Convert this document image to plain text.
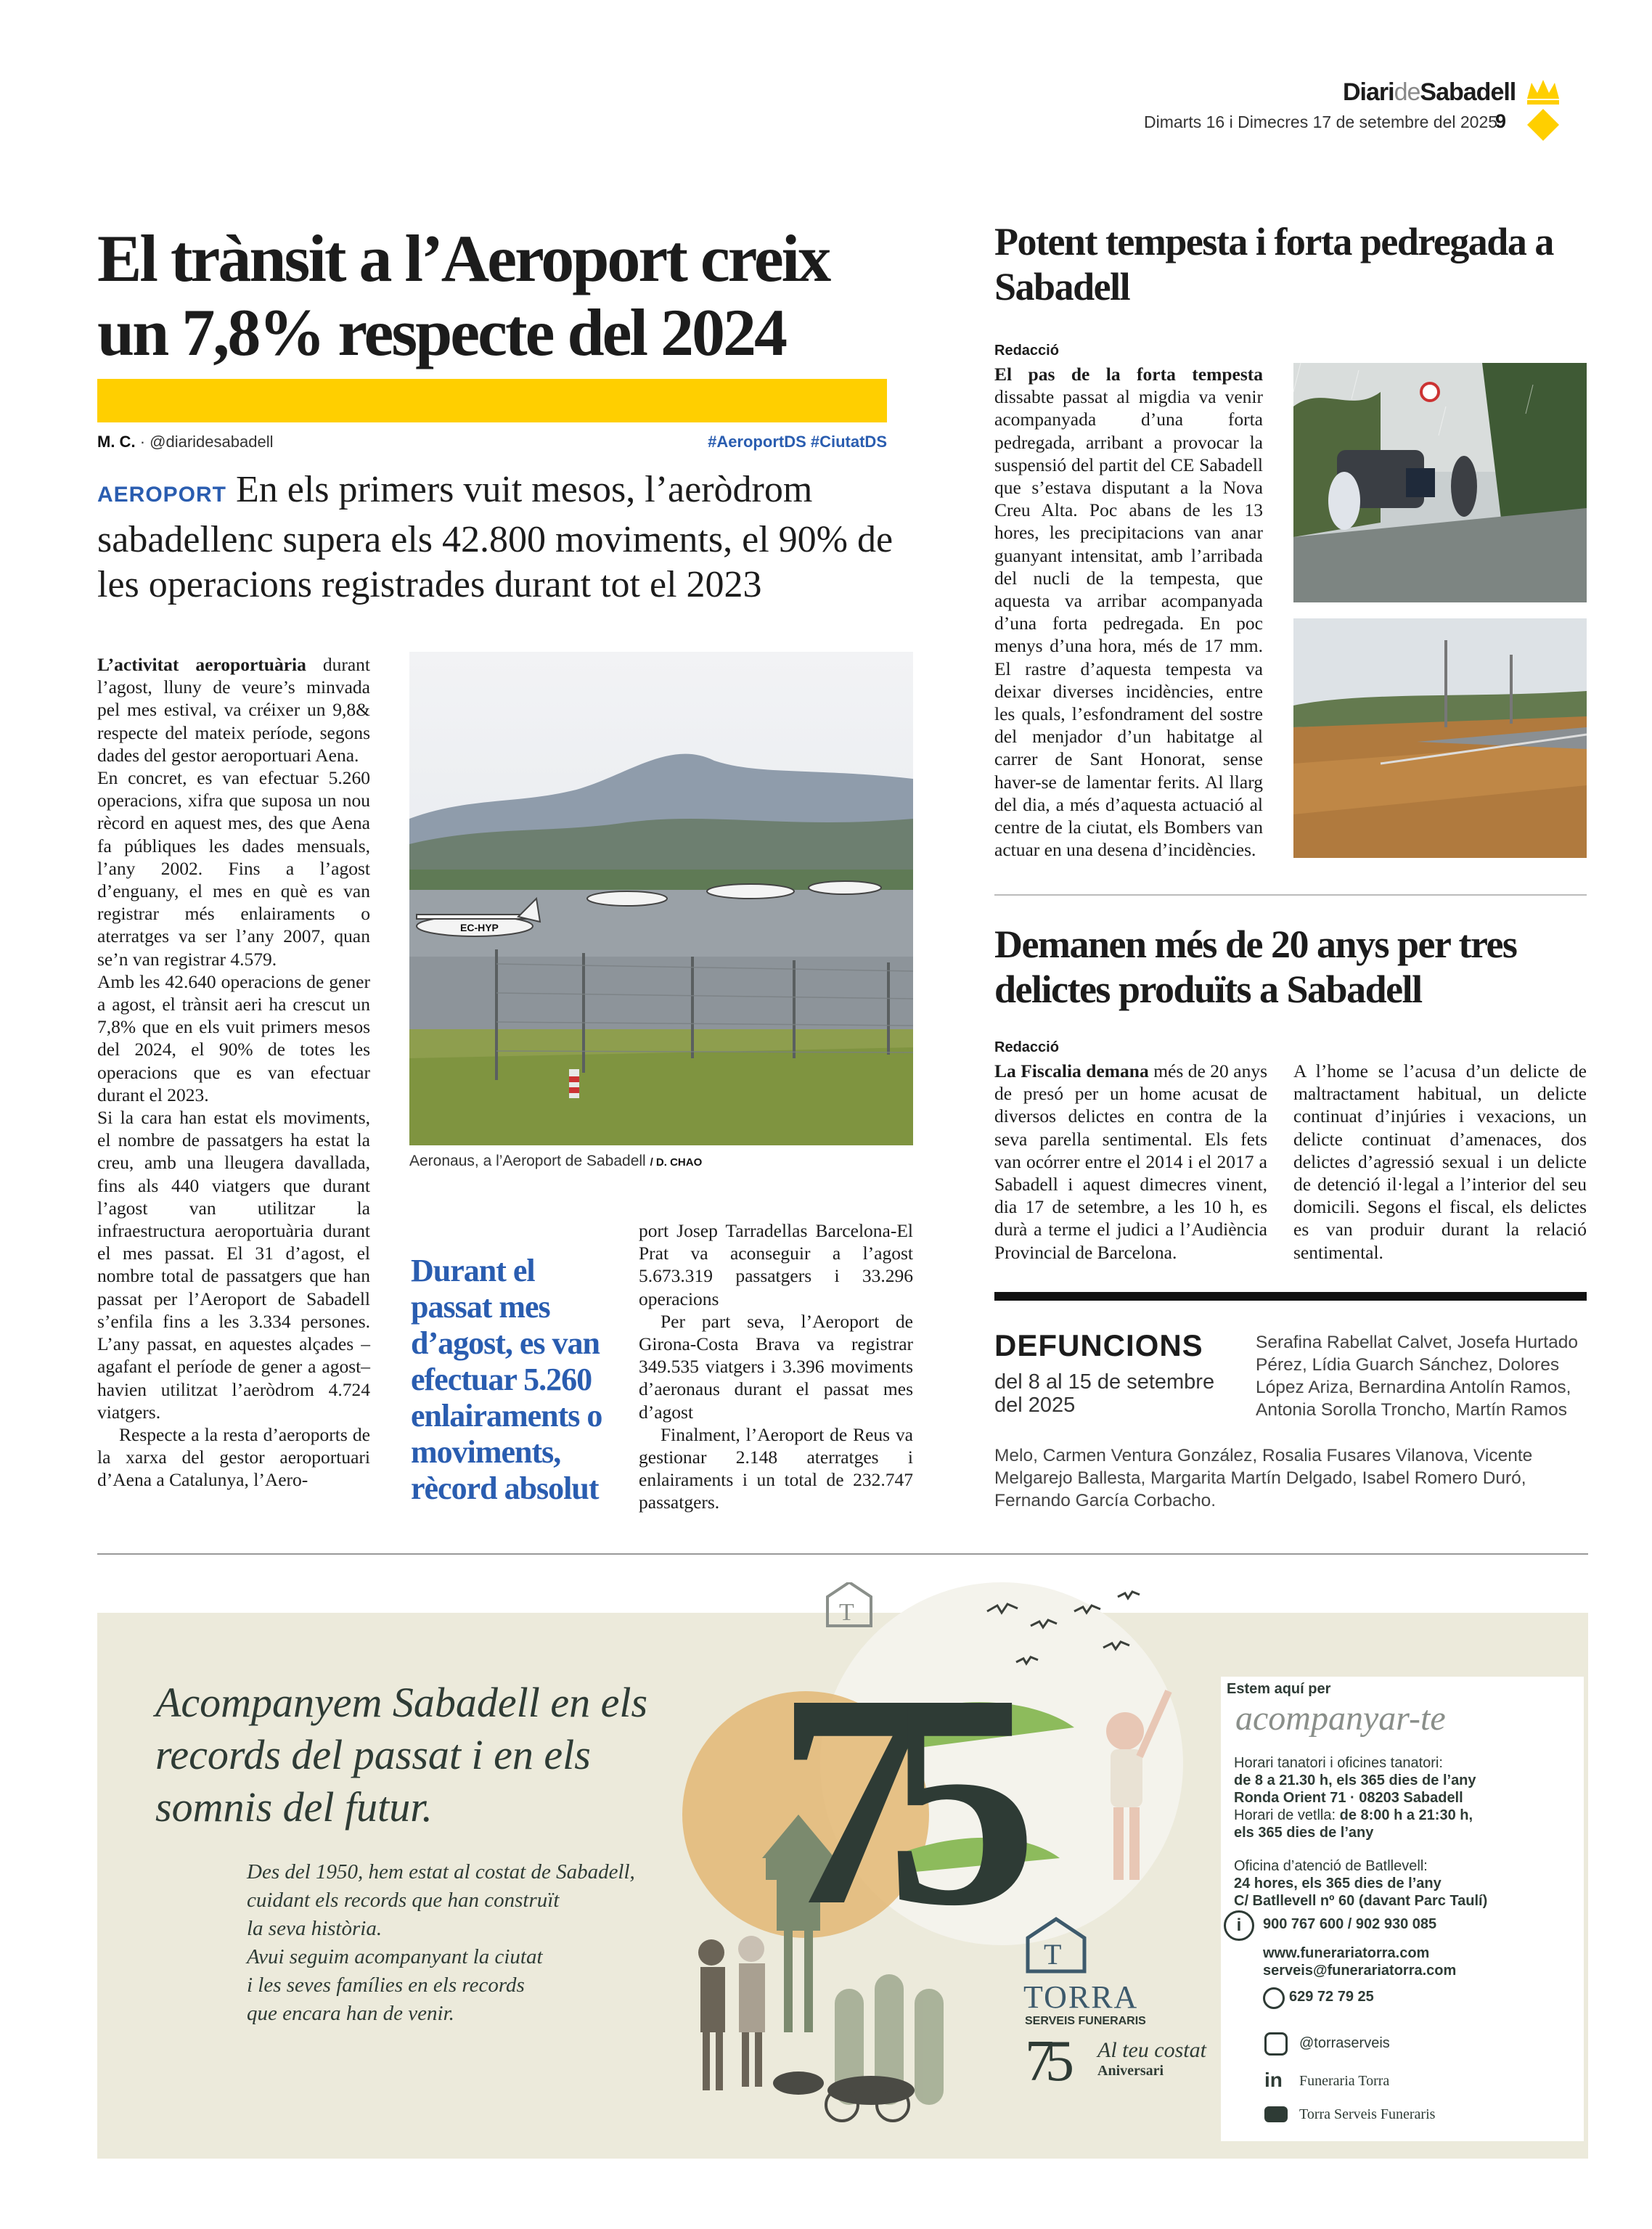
DiarideSabadell
Dimarts 16 i Dimecres 17 de setembre del 2025
9
El trànsit a l’Aeroport creix un 7,8% respecte del 2024
M. C. · @diaridesabadell	#AeroportDS #CiutatDS
AEROPORT En els primers vuit mesos, l’aeròdrom sabadellenc supera els 42.800 moviments, el 90% de les operacions registrades durant tot el 2023

L’activitat aeroportuària durant l’agost, lluny de veure’s minvada pel mes estival, va créixer un 9,8& respecte del mateix període, segons dades del gestor aeroportuari Aena.

En concret, es van efectuar 5.260 operacions, xifra que suposa un nou rècord en aquest mes, des que Aena fa públiques les dades mensuals, l’any 2002. Fins a l’agost d’enguany, el mes en què es van registrar més enlairaments o aterratges va ser l’any 2007, quan se’n van registrar 4.579.

Amb les 42.640 operacions de gener a agost, el trànsit aeri ha crescut un 7,8% que en els vuit primers mesos del 2024, el 90% de totes les operacions que es van efectuar durant el 2023.

Si la cara han estat els moviments, el nombre de passatgers ha estat la creu, amb una lleugera davallada, fins als 440 viatgers que durant l’agost van utilitzar la infraestructura aeroportuària durant el mes passat. El 31 d’agost, el nombre total de passatgers que han passat per l’Aeroport de Sabadell s’enfila fins a les 3.334 persones. L’any passat, en aquestes alçades –agafant el període de gener a agost– havien utilitzat l’aeròdrom 4.724 viatgers.

Respecte a la resta d’aeroports de la xarxa del gestor aeroportuari d’Aena a Catalunya, l’Aero-

EC-HYP
Aeronaus, a l’Aeroport de Sabadell / D. CHAO
Durant el passat mes d’agost, es van efectuar 5.260 enlairaments o moviments, rècord absolut

port Josep Tarradellas Barcelona-El Prat va aconseguir a l’agost 5.673.319 passatgers i 33.296 operacions

Per part seva, l’Aeroport de Girona-Costa Brava va registrar 349.535 viatgers i 3.396 moviments d’aeronaus durant el passat mes d’agost

Finalment, l’Aeroport de Reus va gestionar 2.148 aterratges i enlairaments i un total de 232.747 passatgers.

Potent tempesta i forta pedregada a Sabadell
Redacció

El pas de la forta tempesta dissabte passat al migdia va venir acompanyada d’una forta pedregada, arribant a provocar la suspensió del partit del CE Sabadell que s’estava disputant a la Nova Creu Alta. Poc abans de les 13 hores, les precipitacions van anar guanyant intensitat, amb l’arribada del nucli de la tempesta, que aquesta va arribar acompanyada d’una forta pedregada. En poc menys d’una hora, més de 17 mm. El rastre d’aquesta tempesta va deixar diverses incidències, entre les quals, l’esfondrament del sostre del menjador d’un habitatge al carrer de Sant Honorat, sense haver-se de lamentar ferits. Al llarg del dia, a més d’aquesta actuació al centre de la ciutat, els Bombers van actuar en una desena d’incidències.

Demanen més de 20 anys per tres delictes produïts a Sabadell
Redacció

La Fiscalia demana més de 20 anys de presó per un home acusat de diversos delictes en contra de la seva parella sentimental. Els fets van ocórrer entre el 2014 i el 2017 a Sabadell i aquest dimecres vinent, dia 17 de setembre, a les 10 h, es durà a terme el judici a l’Audiència Provincial de Barcelona.

A l’home se l’acusa d’un delicte de maltractament habitual, un delicte continuat d’injúries i vexacions, un delicte continuat d’amenaces, dos delictes d’agressió sexual i un delicte de detenció il·legal a l’interior del seu domicili. Segons el fiscal, els delictes es van produir durant la relació sentimental.

DEFUNCIONS
del 8 al 15 de setembre del 2025
Serafina Rabellat Calvet, Josefa Hurtado Pérez, Lídia Guarch Sánchez, Dolores López Ariza, Bernardina Antolín Ramos, Antonia Sorolla Troncho, Martín Ramos
Melo, Carmen Ventura González, Rosalia Fusares Vilanova, Vicente Melgarejo Ballesta, Margarita Martín Delgado, Isabel Romero Duró, Fernando García Corbacho.
Acompanyem Sabadell en els records del passat i en els somnis del futur.
Des del 1950, hem estat al costat de Sabadell,
cuidant els records que han construït
la seva història.
Avui seguim acompanyant la ciutat
i les seves famílies en els records
que encara han de venir.
T
75 T
TORRA
SERVEIS FUNERARIS
75 Al teu costat
Aniversari
Estem aquí per
acompanyar-te
Horari tanatori i oficines tanatori:
de 8 a 21.30 h, els 365 dies de l’any
Ronda Orient 71 · 08203 Sabadell
Horari de vetlla: de 8:00 h a 21:30 h,
els 365 dies de l’any
Oficina d’atenció de Batllevell:
24 hores, els 365 dies de l’any
C/ Batllevell nº 60 (davant Parc Taulí)
i	900 767 600 / 902 930 085
www.funerariatorra.com
serveis@funerariatorra.com
629 72 79 25
@torraserveis
in Funeraria Torra
Torra Serveis Funeraris
